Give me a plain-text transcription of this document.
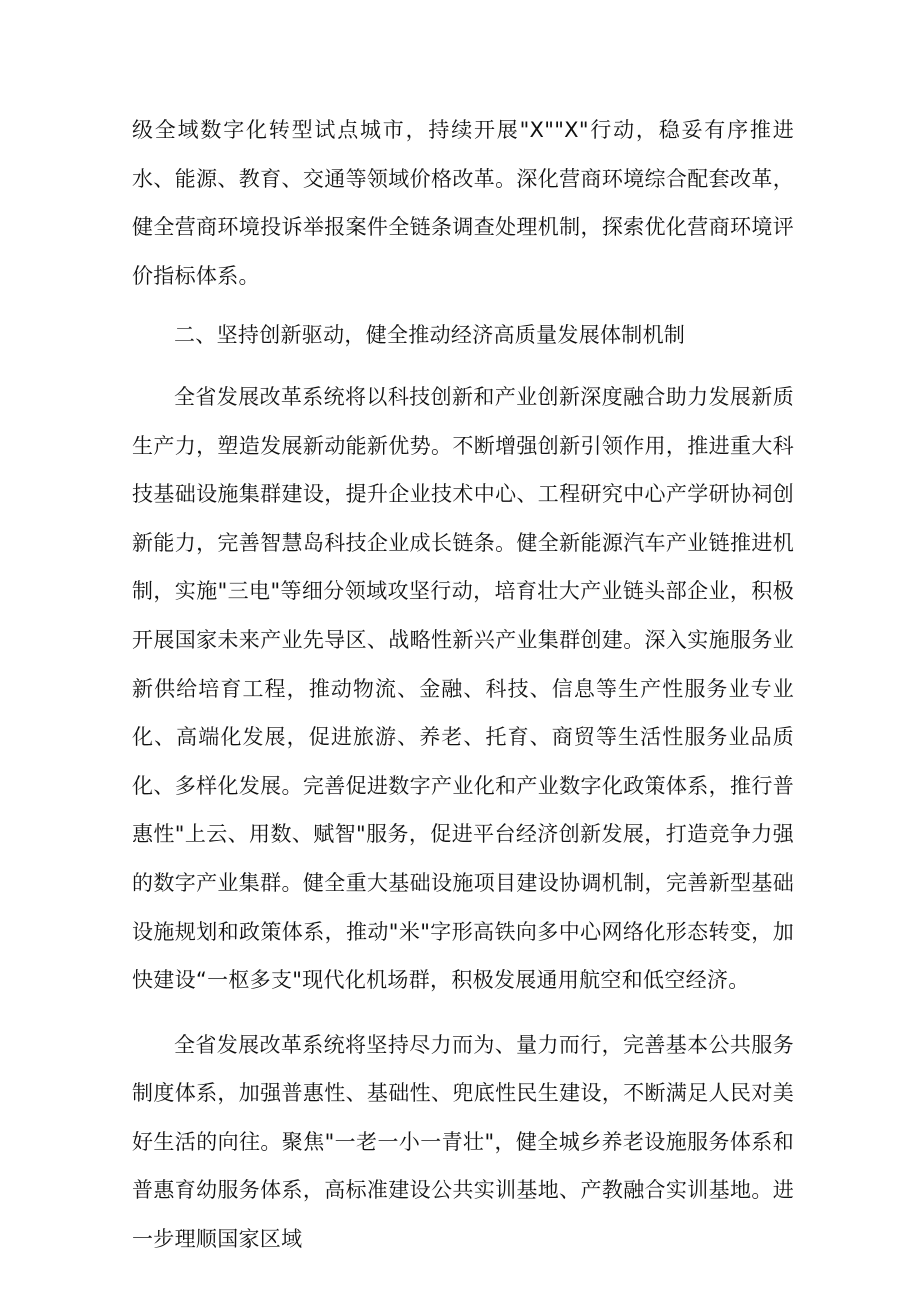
级全域数字化转型试点城市，持续开展"X""X"行动，稳妥有序推进水、能源、教育、交通等领域价格改革。深化营商环境综合配套改革，健全营商环境投诉举报案件全链条调查处理机制，探索优化营商环境评价指标体系。

二、坚持创新驱动，健全推动经济高质量发展体制机制

全省发展改革系统将以科技创新和产业创新深度融合助力发展新质生产力，塑造发展新动能新优势。不断增强创新引领作用，推进重大科技基础设施集群建设，提升企业技术中心、工程研究中心产学研协祠创新能力，完善智慧岛科技企业成长链条。健全新能源汽车产业链推进机制，实施"三电"等细分领域攻坚行动，培育壮大产业链头部企业，积极开展国家未来产业先导区、战略性新兴产业集群创建。深入实施服务业新供给培育工程，推动物流、金融、科技、信息等生产性服务业专业化、高端化发展，促进旅游、养老、托育、商贸等生活性服务业品质化、多样化发展。完善促进数字产业化和产业数字化政策体系，推行普惠性"上云、用数、赋智"服务，促进平台经济创新发展，打造竞争力强的数字产业集群。健全重大基础设施项目建设协调机制，完善新型基础设施规划和政策体系，推动"米"字形高铁向多中心网络化形态转变，加快建设“一枢多支"现代化机场群，积极发展通用航空和低空经济。

全省发展改革系统将坚持尽力而为、量力而行，完善基本公共服务制度体系，加强普惠性、基础性、兜底性民生建设，不断满足人民对美好生活的向往。聚焦"一老一小一青壮"，健全城乡养老设施服务体系和普惠育幼服务体系，高标准建设公共实训基地、产教融合实训基地。进一步理顺国家区域
